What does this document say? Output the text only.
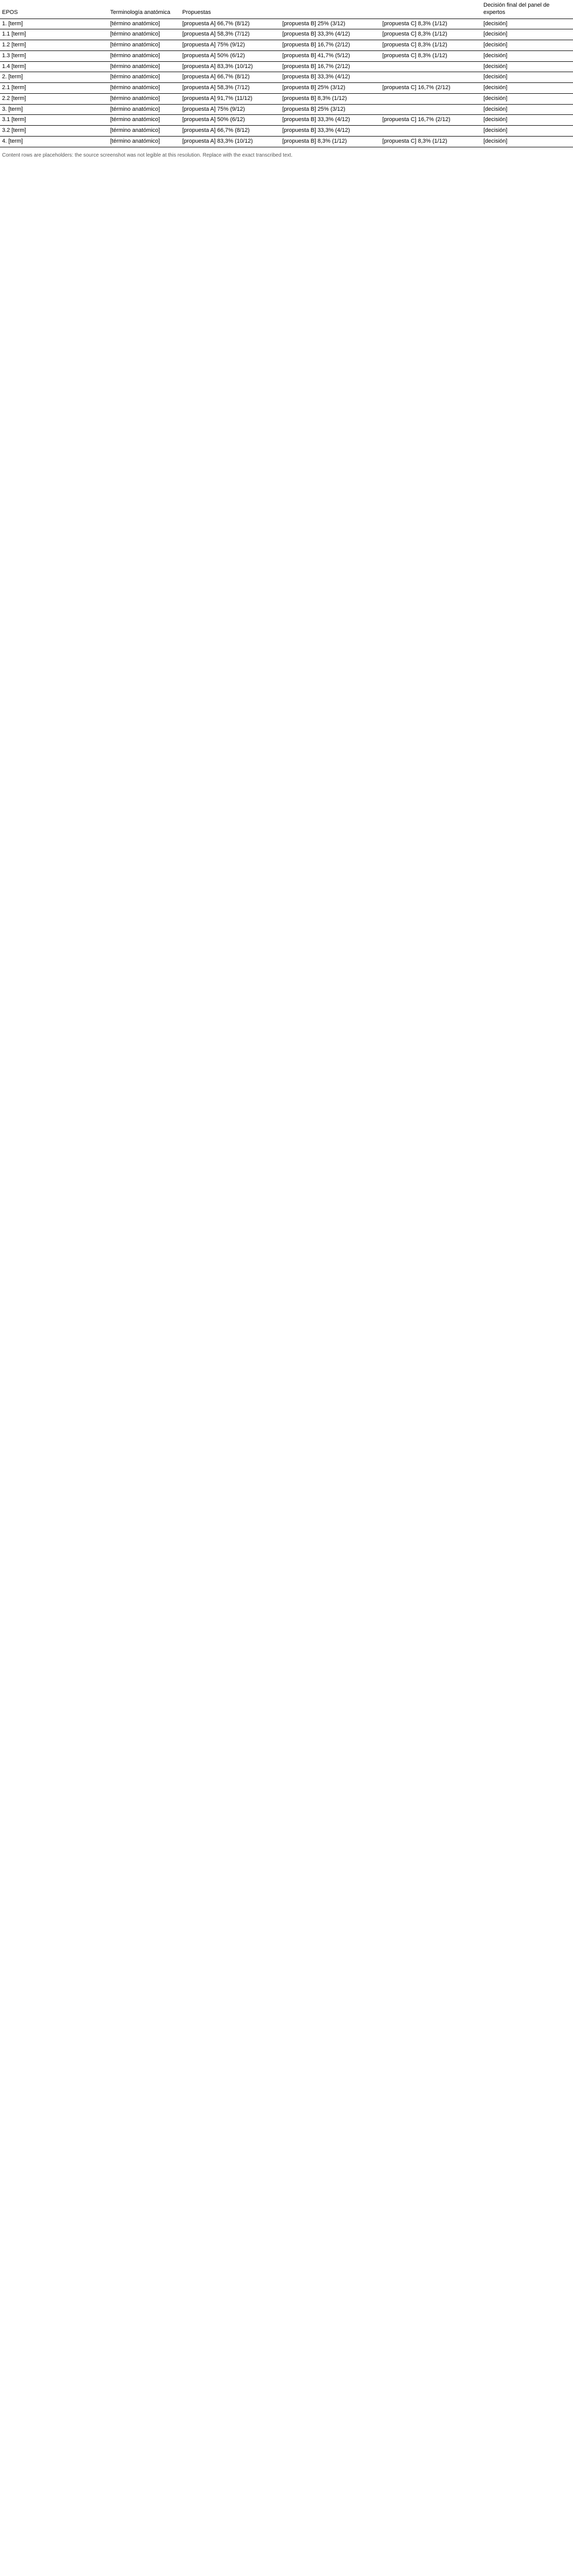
EPOS	Terminología anatómica	Propuestas	Decisión final del panel de expertos
1. [term]	[término anatómico]	[propuesta A] 66,7% (8/12) [propuesta B] 25% (3/12) [propuesta C] 8,3% (1/12)	[decisión]
1.1 [term]	[término anatómico]	[propuesta A] 58,3% (7/12) [propuesta B] 33,3% (4/12) [propuesta C] 8,3% (1/12)	[decisión]
1.2 [term]	[término anatómico]	[propuesta A] 75% (9/12) [propuesta B] 16,7% (2/12) [propuesta C] 8,3% (1/12)	[decisión]
1.3 [term]	[término anatómico]	[propuesta A] 50% (6/12) [propuesta B] 41,7% (5/12) [propuesta C] 8,3% (1/12)	[decisión]
1.4 [term]	[término anatómico]	[propuesta A] 83,3% (10/12) [propuesta B] 16,7% (2/12)	[decisión]
2. [term]	[término anatómico]	[propuesta A] 66,7% (8/12) [propuesta B] 33,3% (4/12)	[decisión]
2.1 [term]	[término anatómico]	[propuesta A] 58,3% (7/12) [propuesta B] 25% (3/12) [propuesta C] 16,7% (2/12)	[decisión]
2.2 [term]	[término anatómico]	[propuesta A] 91,7% (11/12) [propuesta B] 8,3% (1/12)	[decisión]
3. [term]	[término anatómico]	[propuesta A] 75% (9/12) [propuesta B] 25% (3/12)	[decisión]
3.1 [term]	[término anatómico]	[propuesta A] 50% (6/12) [propuesta B] 33,3% (4/12) [propuesta C] 16,7% (2/12)	[decisión]
3.2 [term]	[término anatómico]	[propuesta A] 66,7% (8/12) [propuesta B] 33,3% (4/12)	[decisión]
4. [term]	[término anatómico]	[propuesta A] 83,3% (10/12) [propuesta B] 8,3% (1/12) [propuesta C] 8,3% (1/12)	[decisión]
Content rows are placeholders: the source screenshot was not legible at this resolution. Replace with the exact transcribed text.
